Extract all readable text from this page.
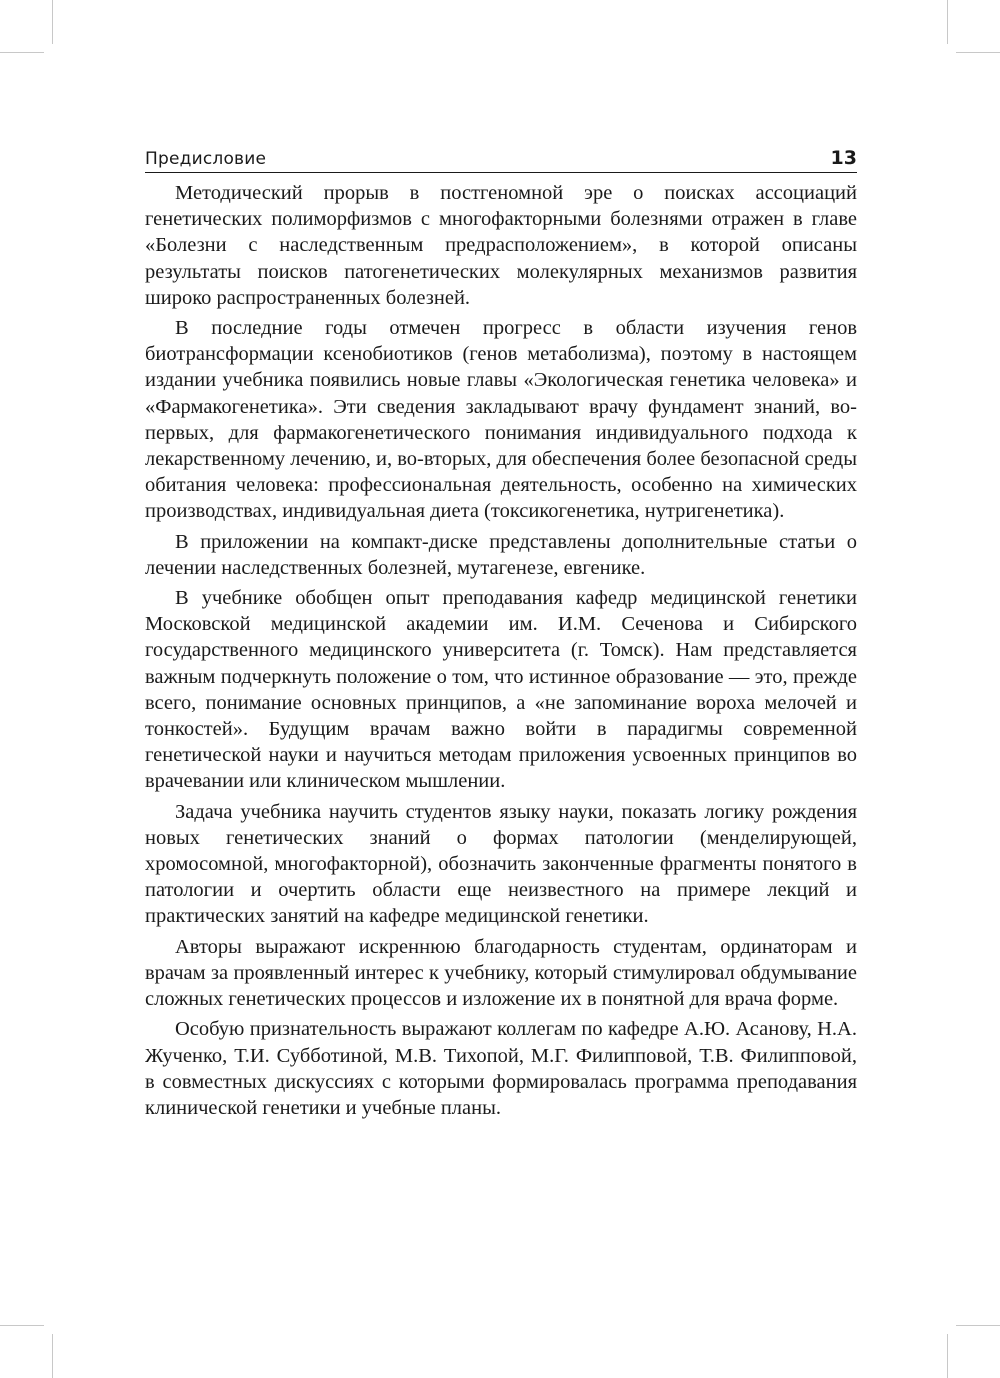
Предисловие	13

Методический прорыв в постгеномной эре о поисках ассоциаций генетических полиморфизмов с многофакторными болезнями отражен в главе «Болезни с наследственным предрасположением», в которой описаны результаты поисков патогенетических молекулярных механизмов развития широко распространенных болезней.

В последние годы отмечен прогресс в области изучения генов биотрансформации ксенобиотиков (генов метаболизма), поэтому в настоящем издании учебника появились новые главы «Экологическая генетика человека» и «Фармакогенетика». Эти сведения закладывают врачу фундамент знаний, во-первых, для фармакогенетического понимания индивидуального подхода к лекарственному лечению, и, во-вторых, для обеспечения более безопасной среды обитания человека: профессиональная деятельность, особенно на химических производствах, индивидуальная диета (токсикогенетика, нутригенетика).

В приложении на компакт-диске представлены дополнительные статьи о лечении наследственных болезней, мутагенезе, евгенике.

В учебнике обобщен опыт преподавания кафедр медицинской генетики Московской медицинской академии им. И.М. Сеченова и Сибирского государственного медицинского университета (г. Томск). Нам представляется важным подчеркнуть положение о том, что истинное образование — это, прежде всего, понимание основных принципов, а «не запоминание вороха мелочей и тонкостей». Будущим врачам важно войти в парадигмы современной генетической науки и научиться методам приложения усвоенных принципов во врачевании или клиническом мышлении.

Задача учебника научить студентов языку науки, показать логику рождения новых генетических знаний о формах патологии (менделирующей, хромосомной, многофакторной), обозначить законченные фрагменты понятого в патологии и очертить области еще неизвестного на примере лекций и практических занятий на кафедре медицинской генетики.

Авторы выражают искреннюю благодарность студентам, ординаторам и врачам за проявленный интерес к учебнику, который стимулировал обдумывание сложных генетических процессов и изложение их в понятной для врача форме.

Особую признательность выражают коллегам по кафедре А.Ю. Асанову, Н.А. Жученко, Т.И. Субботиной, М.В. Тихопой, М.Г. Филипповой, Т.В. Филипповой, в совместных дискуссиях с которыми формировалась программа преподавания клинической генетики и учебные планы.
